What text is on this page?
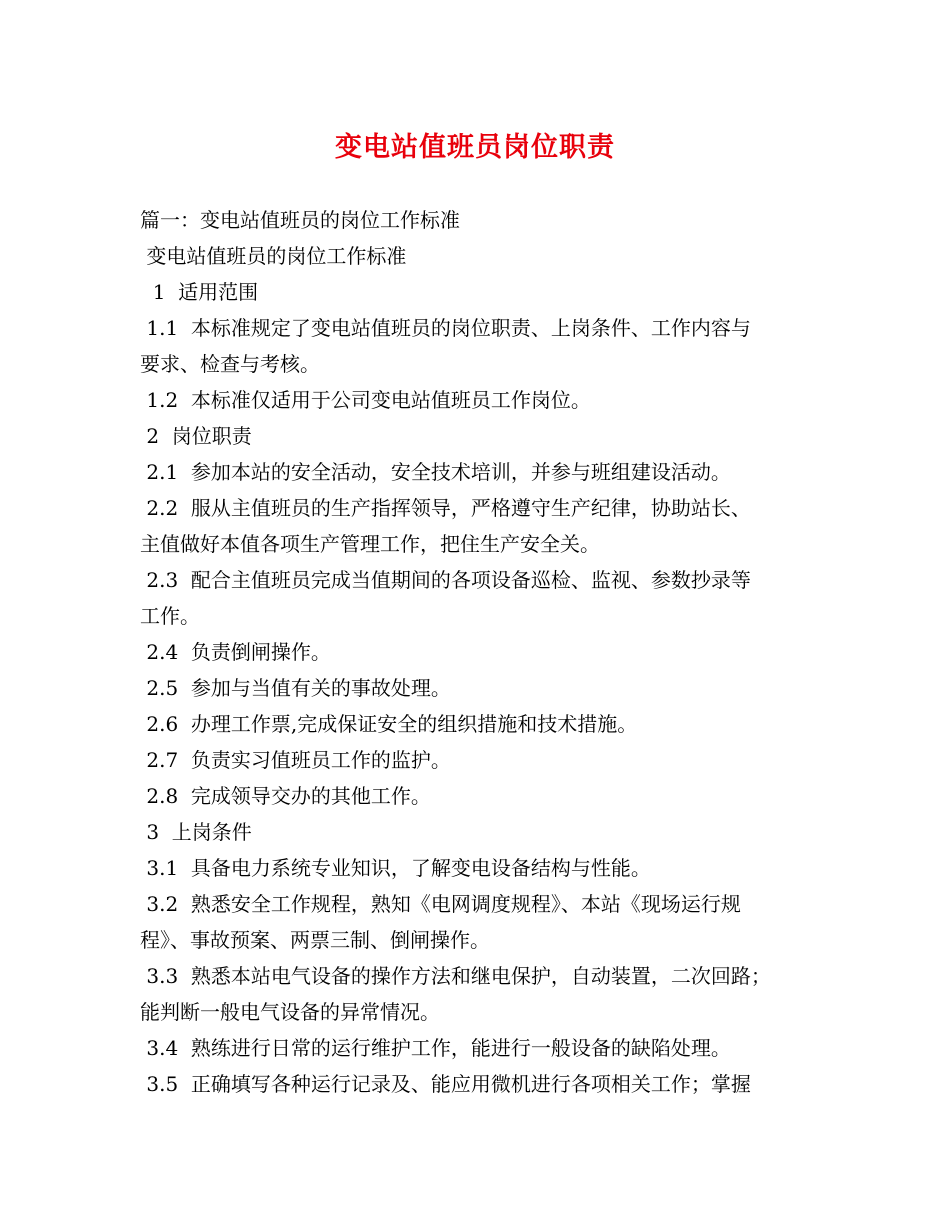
变电站值班员岗位职责
篇一：变电站值班员的岗位工作标准
变电站值班员的岗位工作标准
1  适用范围
1.1  本标准规定了变电站值班员的岗位职责、上岗条件、工作内容与
要求、检查与考核。
1.2  本标准仅适用于公司变电站值班员工作岗位。
2  岗位职责
2.1  参加本站的安全活动，安全技术培训，并参与班组建设活动。
2.2  服从主值班员的生产指挥领导，严格遵守生产纪律，协助站长、
主值做好本值各项生产管理工作，把住生产安全关。
2.3  配合主值班员完成当值期间的各项设备巡检、监视、参数抄录等
工作。
2.4  负责倒闸操作。
2.5  参加与当值有关的事故处理。
2.6  办理工作票,完成保证安全的组织措施和技术措施。
2.7  负责实习值班员工作的监护。
2.8  完成领导交办的其他工作。
3  上岗条件
3.1  具备电力系统专业知识，了解变电设备结构与性能。
3.2  熟悉安全工作规程，熟知《电网调度规程》、本站《现场运行规
程》、事故预案、两票三制、倒闸操作。
3.3  熟悉本站电气设备的操作方法和继电保护，自动装置，二次回路；
能判断一般电气设备的异常情况。
3.4  熟练进行日常的运行维护工作，能进行一般设备的缺陷处理。
3.5  正确填写各种运行记录及、能应用微机进行各项相关工作；掌握
